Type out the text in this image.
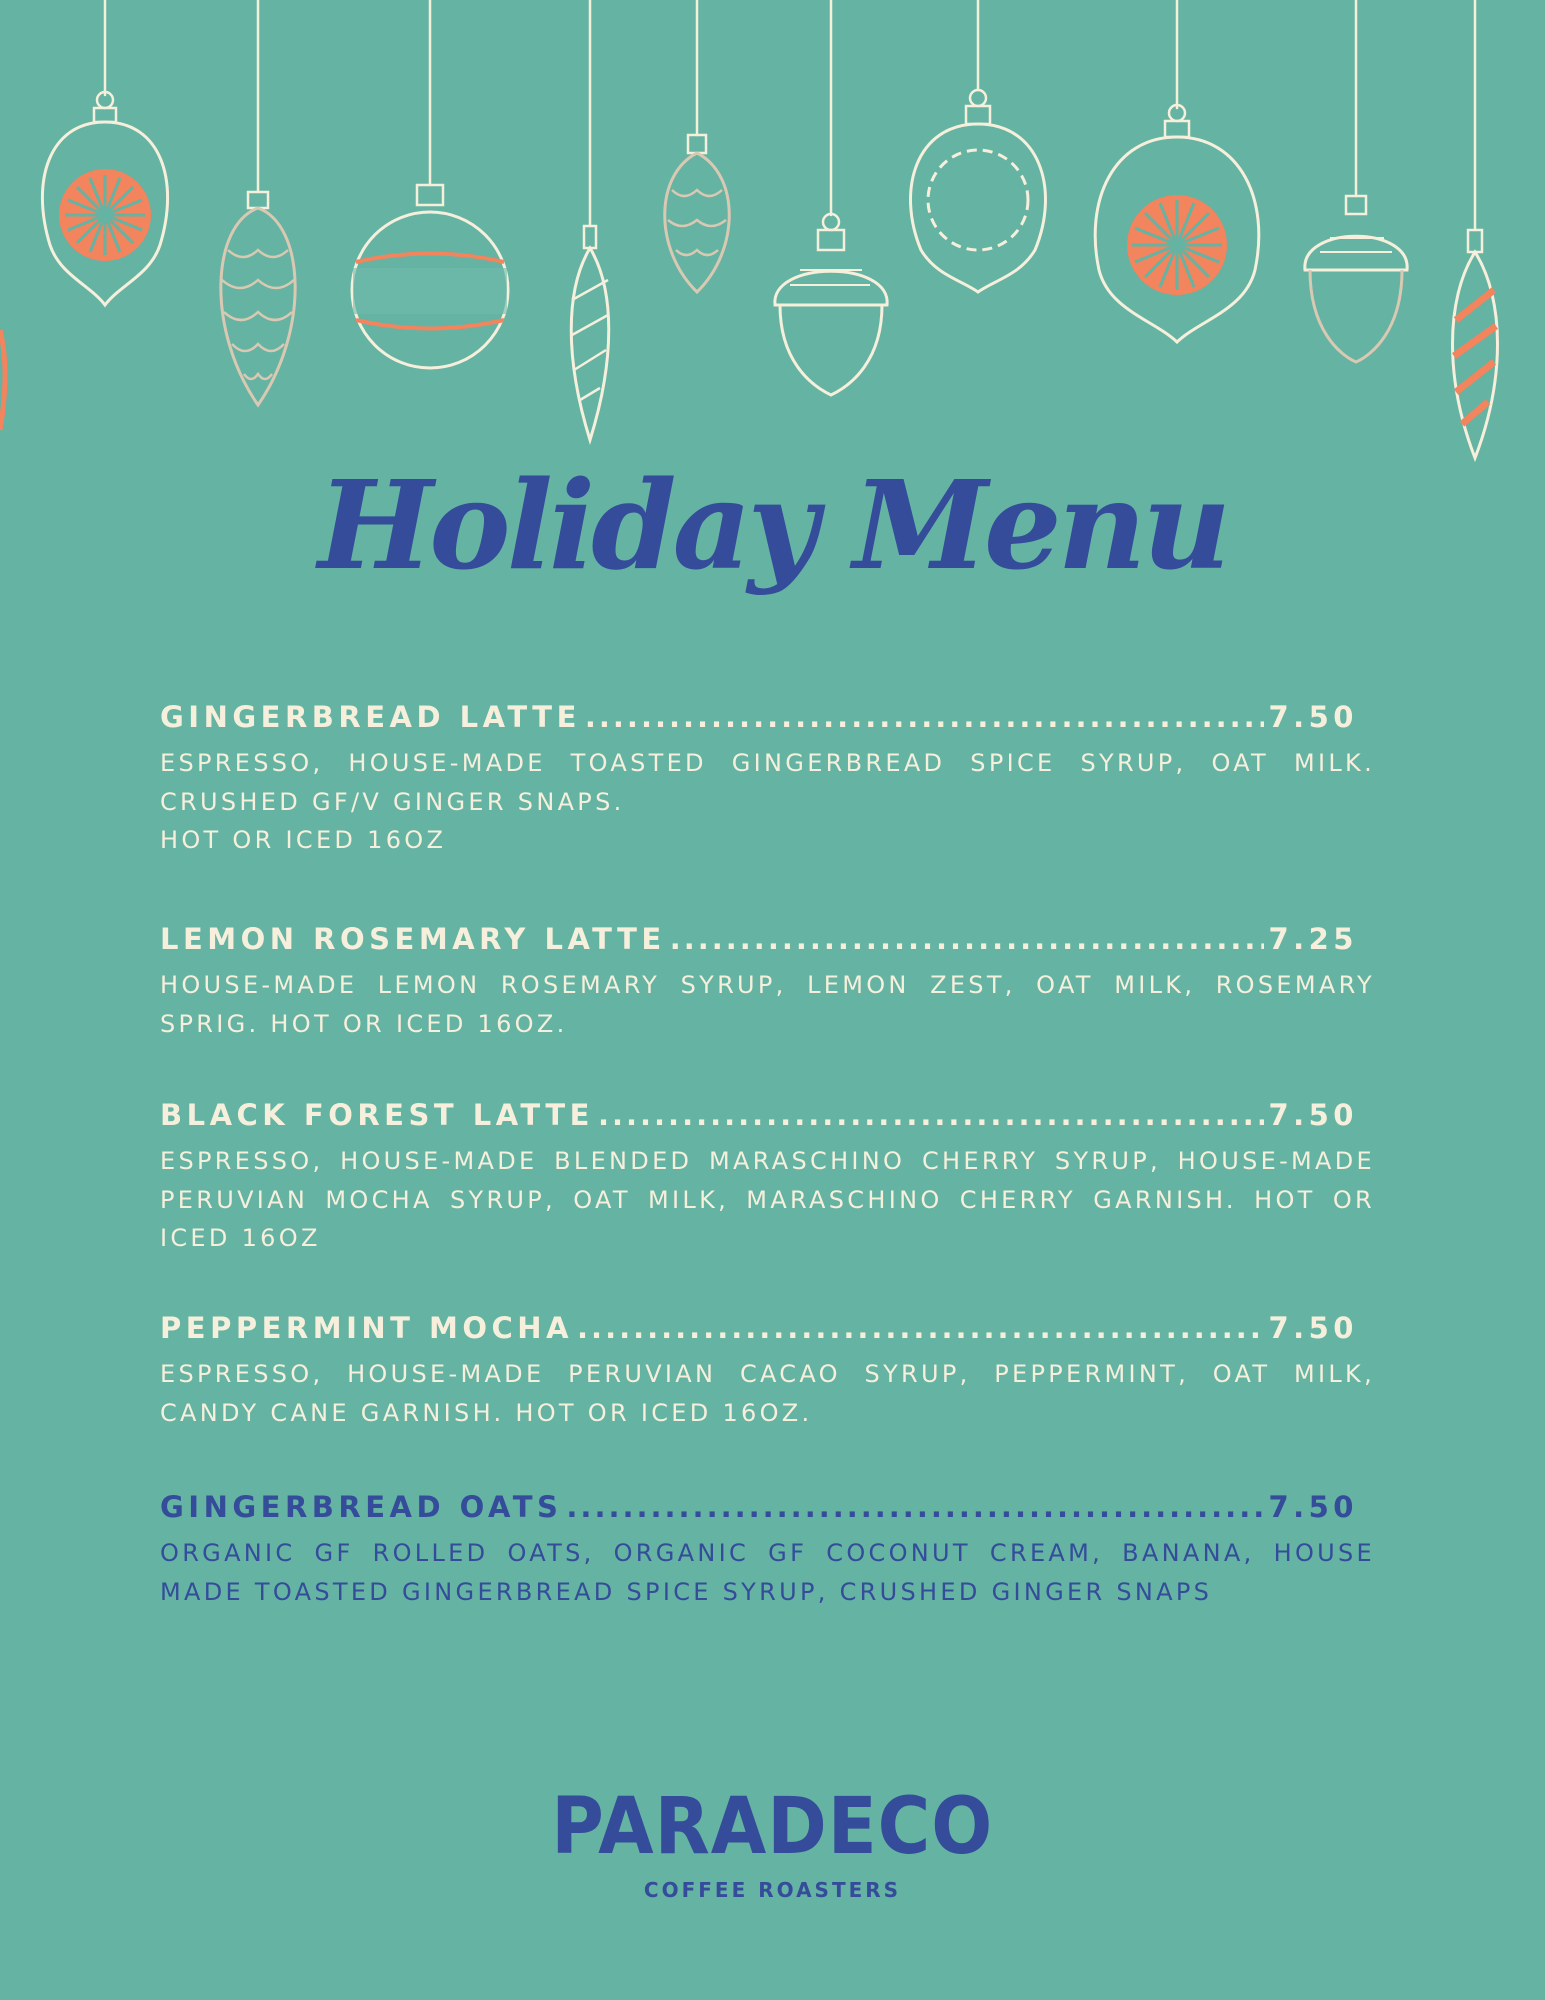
Holiday Menu
GINGERBREAD LATTE .....	7.50

ESPRESSO, HOUSE-MADE TOASTED GINGERBREAD SPICE SYRUP, OAT MILK. CRUSHED GF/V GINGER SNAPS.
HOT OR ICED 16OZ

LEMON ROSEMARY LATTE .....	7.25

HOUSE-MADE LEMON ROSEMARY SYRUP, LEMON ZEST, OAT MILK, ROSEMARY SPRIG. HOT OR ICED 16OZ.

BLACK FOREST LATTE .....	7.50

ESPRESSO, HOUSE-MADE BLENDED MARASCHINO CHERRY SYRUP, HOUSE-MADE PERUVIAN MOCHA SYRUP, OAT MILK, MARASCHINO CHERRY GARNISH. HOT OR ICED 16OZ

PEPPERMINT MOCHA .....	7.50

ESPRESSO, HOUSE-MADE PERUVIAN CACAO SYRUP, PEPPERMINT, OAT MILK, CANDY CANE GARNISH. HOT OR ICED 16OZ.

GINGERBREAD OATS .....	7.50

ORGANIC GF ROLLED OATS, ORGANIC GF COCONUT CREAM, BANANA, HOUSE MADE TOASTED GINGERBREAD SPICE SYRUP, CRUSHED GINGER SNAPS

PARADECO
COFFEE ROASTERS
